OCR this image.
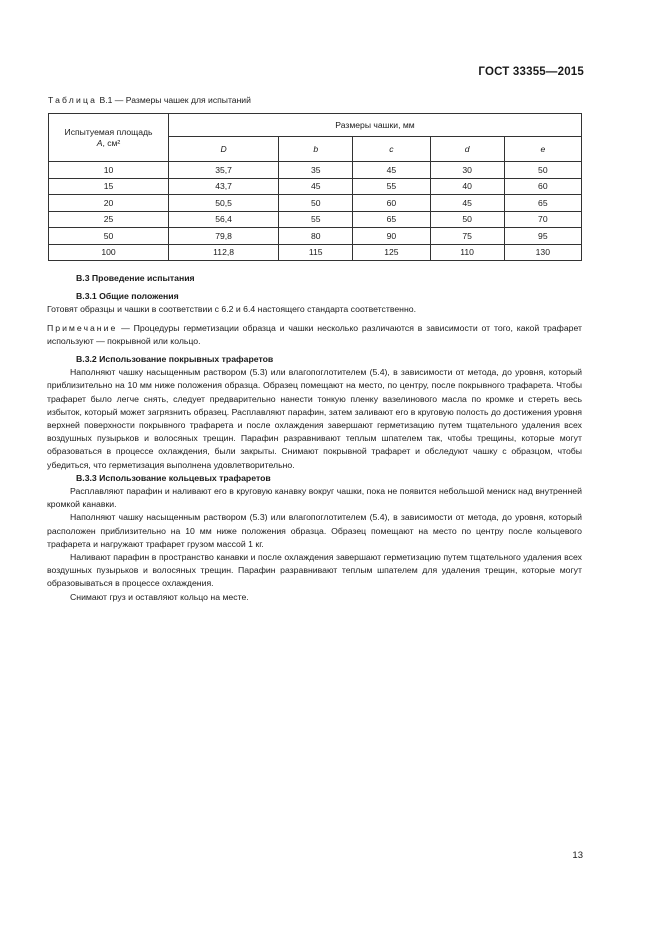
ГОСТ 33355—2015
Таблица В.1 — Размеры чашек для испытаний
Испытуемая площадь
A, см²	Размеры чашки, мм				
	D	b	c	d	e
10	35,7	35	45	30	50
15	43,7	45	55	40	60
20	50,5	50	60	45	65
25	56,4	55	65	50	70
50	79,8	80	90	75	95
100	112,8	115	125	110	130

В.3 Проведение испытания

В.3.1 Общие положения

Готовят образцы и чашки в соответствии с 6.2 и 6.4 настоящего стандарта соответственно.

Примечание — Процедуры герметизации образца и чашки несколько различаются в зависимости от того, какой трафарет используют — покрывной или кольцо.

В.3.2 Использование покрывных трафаретов

Наполняют чашку насыщенным раствором (5.3) или влагопоглотителем (5.4), в зависимости от метода, до уровня, который приблизительно на 10 мм ниже положения образца. Образец помещают на место, по центру, после покрывного трафарета. Чтобы трафарет было легче снять, следует предварительно нанести тонкую пленку вазелинового масла по кромке и стереть весь избыток, который может загрязнить образец. Расплавляют парафин, затем заливают его в круговую полость до достижения уровня верхней поверхности покрывного трафарета и после охлаждения завершают герметизацию путем тщательного удаления всех воздушных пузырьков и волосяных трещин. Парафин разравнивают теплым шпателем так, чтобы трещины, которые могут образоваться в процессе охлаждения, были закрыты. Снимают покрывной трафарет и обследуют чашку с образцом, чтобы убедиться, что герметизация выполнена удовлетворительно.

В.3.3 Использование кольцевых трафаретов

Расплавляют парафин и наливают его в круговую канавку вокруг чашки, пока не появится небольшой мениск над внутренней кромкой канавки.

Наполняют чашку насыщенным раствором (5.3) или влагопоглотителем (5.4), в зависимости от метода, до уровня, который расположен приблизительно на 10 мм ниже положения образца. Образец помещают на место по центру после кольцевого трафарета и нагружают трафарет грузом массой 1 кг.

Наливают парафин в пространство канавки и после охлаждения завершают герметизацию путем тщательного удаления всех воздушных пузырьков и волосяных трещин. Парафин разравнивают теплым шпателем для удаления трещин, которые могут образовываться в процессе охлаждения.

Снимают груз и оставляют кольцо на месте.

13
